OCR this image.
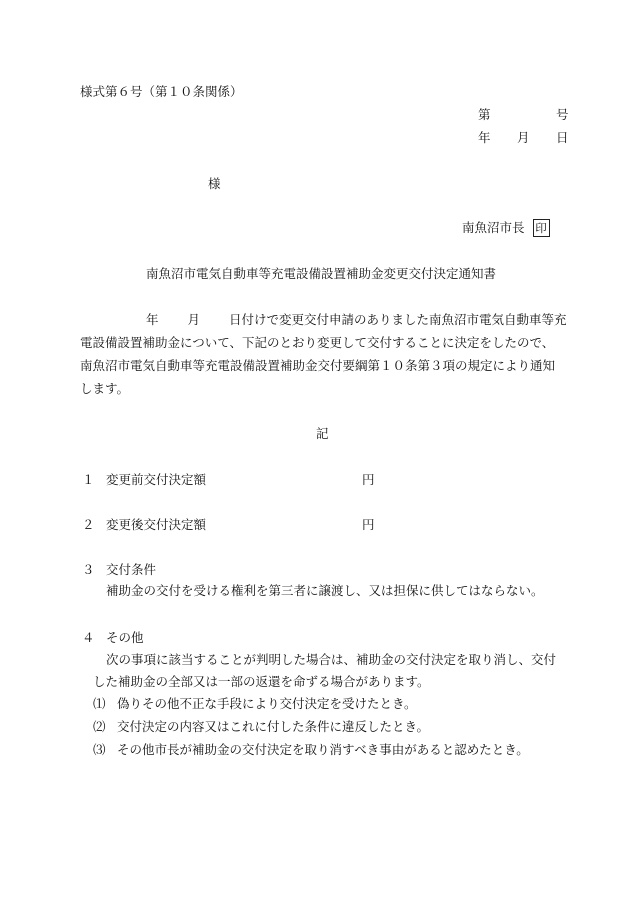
様式第６号（第１０条関係）
第	号
年 月 日
様
南魚沼市長 印
南魚沼市電気自動車等充電設備設置補助金変更交付決定通知書
年 月 日付けで変更交付申請のありました南魚沼市電気自動車等充
電設備設置補助金について、下記のとおり変更して交付することに決定をしたので、
南魚沼市電気自動車等充電設備設置補助金交付要綱第１０条第３項の規定により通知
します。
記
１ 変更前交付決定額	円
２ 変更後交付決定額	円
３ 交付条件
補助金の交付を受ける権利を第三者に譲渡し、又は担保に供してはならない。
４ その他
次の事項に該当することが判明した場合は、補助金の交付決定を取り消し、交付
した補助金の全部又は一部の返還を命ずる場合があります。
⑴ 偽りその他不正な手段により交付決定を受けたとき。
⑵ 交付決定の内容又はこれに付した条件に違反したとき。
⑶ その他市長が補助金の交付決定を取り消すべき事由があると認めたとき。
